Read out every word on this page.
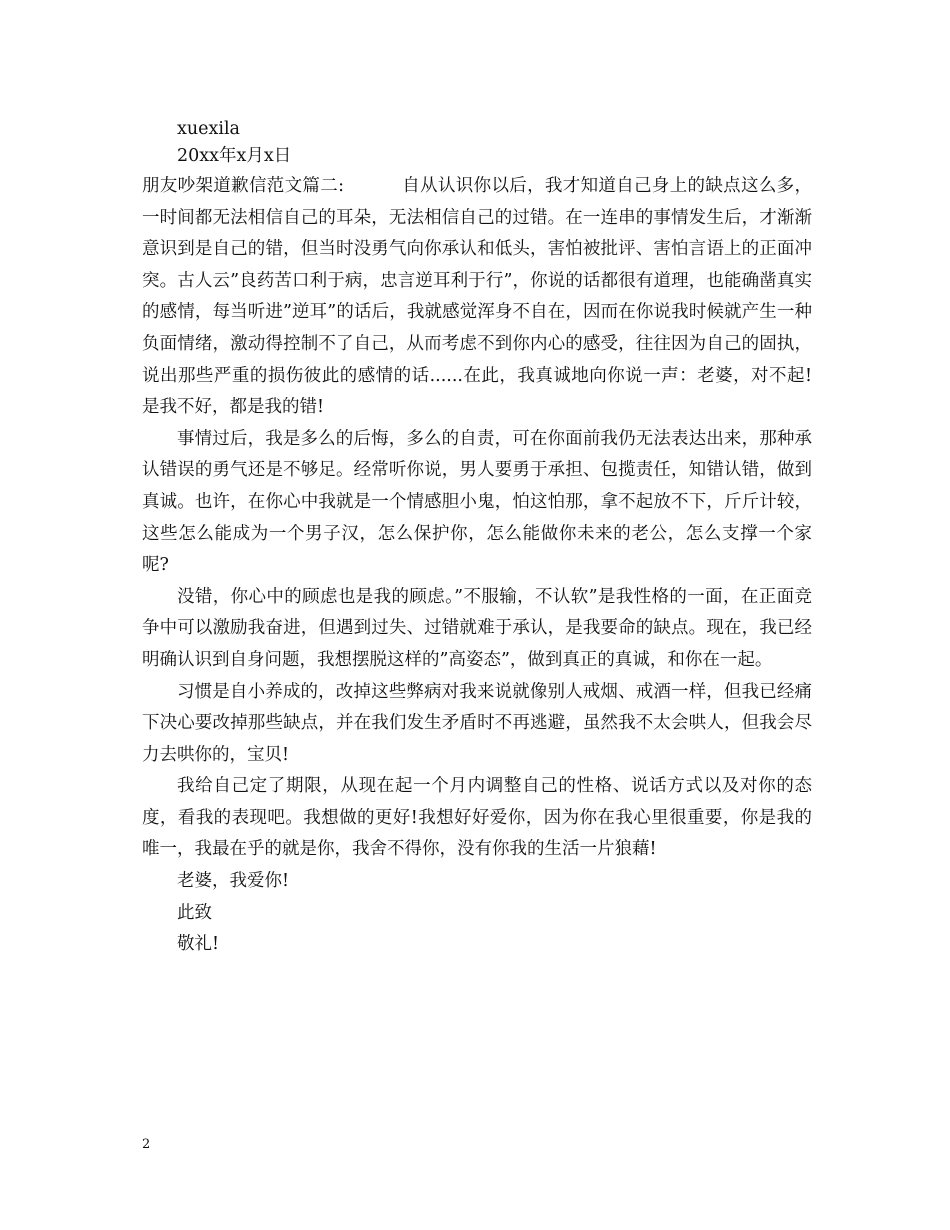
xuexila
20xx年x月x日

朋友吵架道歉信范文篇二:	自从认识你以后，我才知道自己身上的缺点这么多，一时间都无法相信自己的耳朵，无法相信自己的过错。在一连串的事情发生后，才渐渐意识到是自己的错，但当时没勇气向你承认和低头，害怕被批评、害怕言语上的正面冲突。古人云”良药苦口利于病，忠言逆耳利于行”，你说的话都很有道理，也能确凿真实的感情，每当听进”逆耳”的话后，我就感觉浑身不自在，因而在你说我时候就产生一种负面情绪，激动得控制不了自己，从而考虑不到你内心的感受，往往因为自己的固执，说出那些严重的损伤彼此的感情的话......在此，我真诚地向你说一声：老婆，对不起!是我不好，都是我的错!

事情过后，我是多么的后悔，多么的自责，可在你面前我仍无法表达出来，那种承认错误的勇气还是不够足。经常听你说，男人要勇于承担、包揽责任，知错认错，做到真诚。也许，在你心中我就是一个情感胆小鬼，怕这怕那，拿不起放不下，斤斤计较，这些怎么能成为一个男子汉，怎么保护你，怎么能做你未来的老公，怎么支撑一个家呢?

没错，你心中的顾虑也是我的顾虑。”不服输，不认软”是我性格的一面，在正面竞争中可以激励我奋进，但遇到过失、过错就难于承认，是我要命的缺点。现在，我已经明确认识到自身问题，我想摆脱这样的”高姿态”，做到真正的真诚，和你在一起。

习惯是自小养成的，改掉这些弊病对我来说就像别人戒烟、戒酒一样，但我已经痛下决心要改掉那些缺点，并在我们发生矛盾时不再逃避，虽然我不太会哄人，但我会尽力去哄你的，宝贝!

我给自己定了期限，从现在起一个月内调整自己的性格、说话方式以及对你的态度，看我的表现吧。我想做的更好!我想好好爱你，因为你在我心里很重要，你是我的唯一，我最在乎的就是你，我舍不得你，没有你我的生活一片狼藉!

老婆，我爱你!
此致
敬礼!
2
